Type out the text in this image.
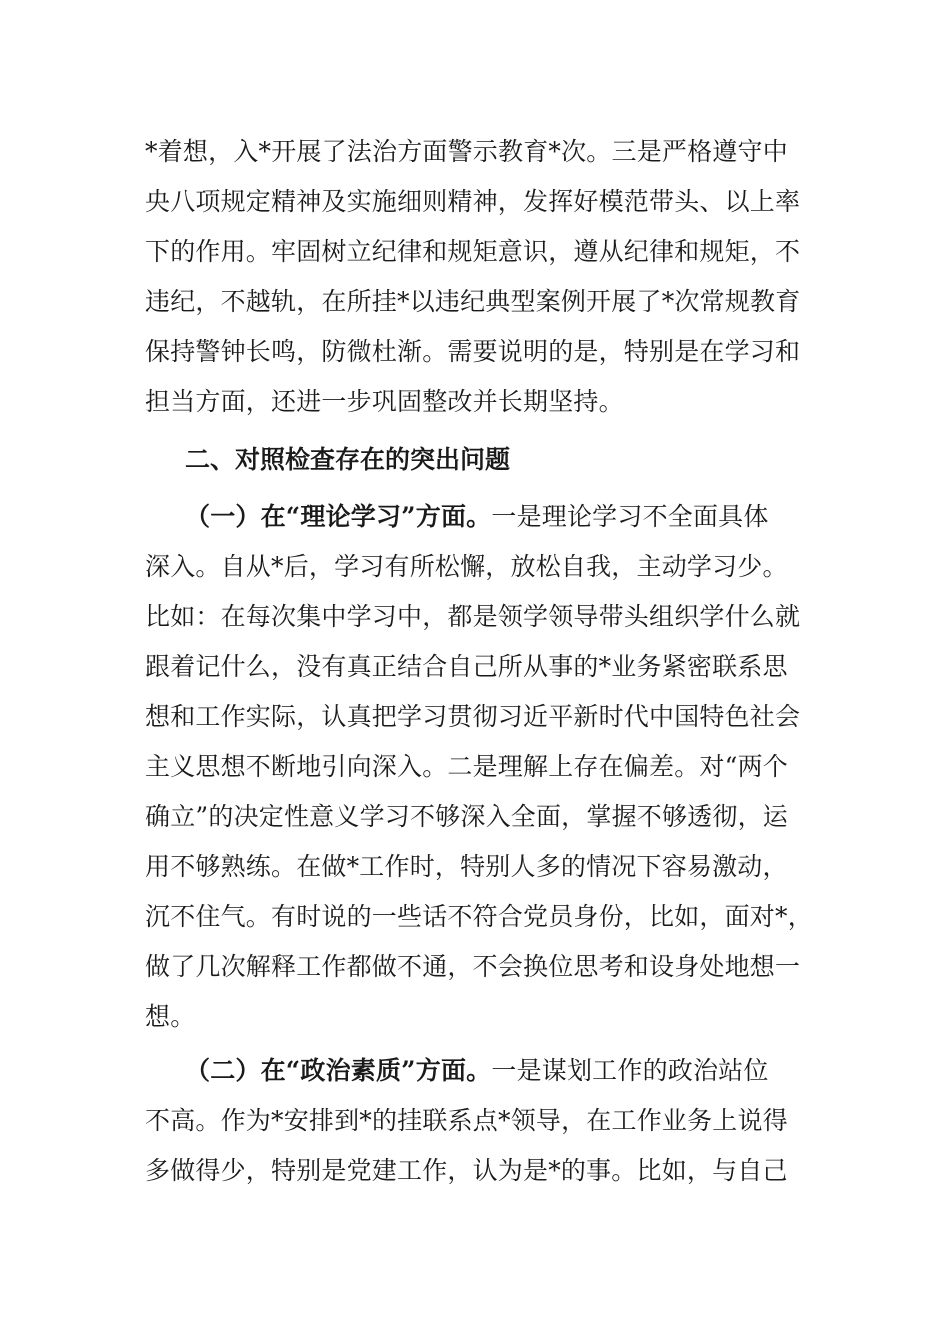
*着想，入*开展了法治方面警示教育*次。三是严格遵守中
央八项规定精神及实施细则精神，发挥好模范带头、以上率
下的作用。牢固树立纪律和规矩意识，遵从纪律和规矩，不
违纪，不越轨，在所挂*以违纪典型案例开展了*次常规教育
保持警钟长鸣，防微杜渐。需要说明的是，特别是在学习和
担当方面，还进一步巩固整改并长期坚持。
二、对照检查存在的突出问题
（一）在“理论学习”方面。一是理论学习不全面具体
深入。自从*后，学习有所松懈，放松自我，主动学习少。
比如：在每次集中学习中，都是领学领导带头组织学什么就
跟着记什么，没有真正结合自己所从事的*业务紧密联系思
想和工作实际，认真把学习贯彻习近平新时代中国特色社会
主义思想不断地引向深入。二是理解上存在偏差。对“两个
确立”的决定性意义学习不够深入全面，掌握不够透彻，运
用不够熟练。在做*工作时，特别人多的情况下容易激动，
沉不住气。有时说的一些话不符合党员身份，比如，面对*，
做了几次解释工作都做不通，不会换位思考和设身处地想一
想。
（二）在“政治素质”方面。一是谋划工作的政治站位
不高。作为*安排到*的挂联系点*领导，在工作业务上说得
多做得少，特别是党建工作，认为是*的事。比如，与自己
